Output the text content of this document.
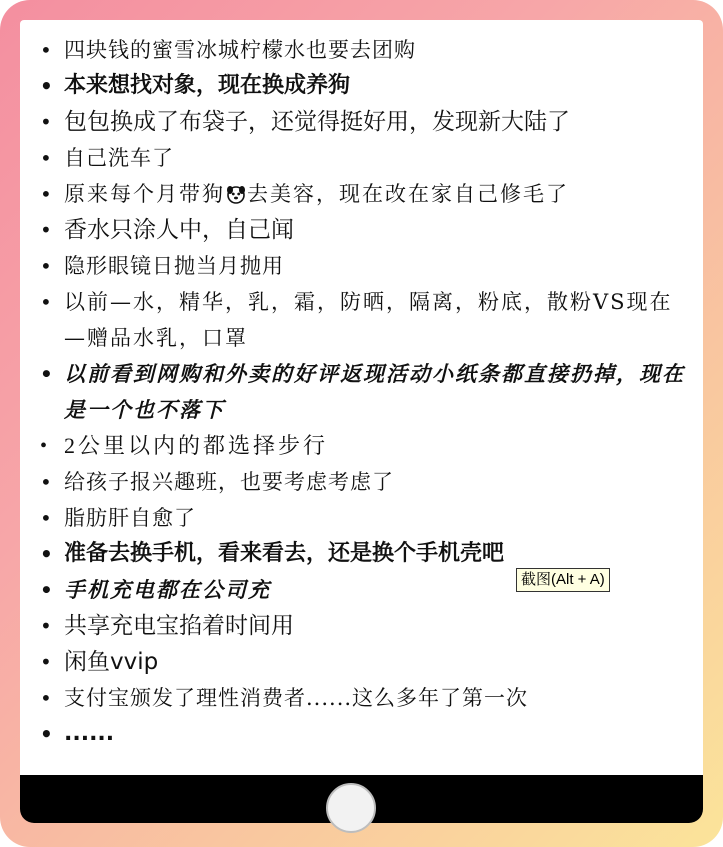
• 四块钱的蜜雪冰城柠檬水也要去团购
• 本来想找对象，现在换成养狗
• 包包换成了布袋子，还觉得挺好用，发现新大陆了
• 自己洗车了
• 原来每个月带狗 去美容，现在改在家自己修毛了
• 香水只涂人中，自己闻
• 隐形眼镜日抛当月抛用
• 以前—水，精华，乳，霜，防晒，隔离，粉底，散粉VS现在—赠品水乳，口罩
• 以前看到网购和外卖的好评返现活动小纸条都直接扔掉，现在是一个也不落下
• 2公里以内的都选择步行
• 给孩子报兴趣班，也要考虑考虑了
• 脂肪肝自愈了
• 准备去换手机，看来看去，还是换个手机壳吧
• 手机充电都在公司充
• 共享充电宝掐着时间用
• 闲鱼vvip
• 支付宝颁发了理性消费者......这么多年了第一次
• ......
截图(Alt + A)
